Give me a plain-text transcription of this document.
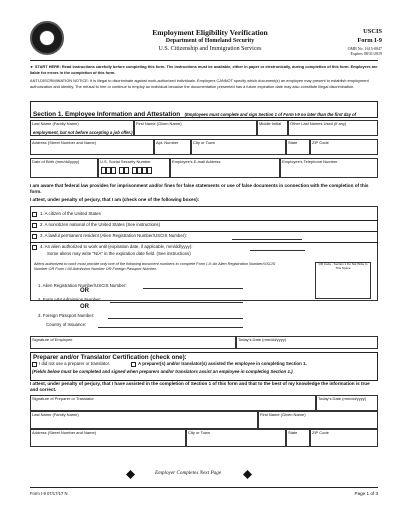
Employment Eligibility Verification
Department of Homeland Security
U.S. Citizenship and Immigration Services
USCIS
Form I-9
OMB No. 1615-0047
Expires 08/31/2019
► START HERE: Read instructions carefully before completing this form. The instructions must be available, either in paper or electronically, during completion of this form. Employers are liable for errors in the completion of this form.
ANTI-DISCRIMINATION NOTICE: It is illegal to discriminate against work-authorized individuals. Employers CANNOT specify which document(s) an employee may present to establish employment authorization and identity. The refusal to hire or continue to employ an individual because the documentation presented has a future expiration date may also constitute illegal discrimination.
Section 1. Employee Information and Attestation (Employees must complete and sign Section 1 of Form I-9 no later than the first day of employment, but not before accepting a job offer.)
Last Name (Family Name)	First Name (Given Name)	Middle Initial Other Last Names Used (if any)
Address (Street Number and Name)	Apt. Number	City or Town	State	ZIP Code
Date of Birth (mm/dd/yyyy)	U.S. Social Security Number	Employee's E-mail Address	Employee's Telephone Number
I am aware that federal law provides for imprisonment and/or fines for false statements or use of false documents in connection with the completion of this form.
I attest, under penalty of perjury, that I am (check one of the following boxes):
1. A citizen of the United States
2. A noncitizen national of the United States (See instructions)
3. A lawful permanent resident (Alien Registration Number/USCIS Number):
4. An alien authorized to work until (expiration date, if applicable, mm/dd/yyyy):
Some aliens may write "N/A" in the expiration date field. (See instructions)
Aliens authorized to work must provide only one of the following document numbers to complete Form I-9: An Alien Registration Number/USCIS Number OR Form I-94 Admission Number OR Foreign Passport Number.
QR Code - Section 1 Do Not Write In This Space
1. Alien Registration Number/USCIS Number:
OR
2. Form I-94 Admission Number:
OR
3. Foreign Passport Number:
Country of Issuance:
Signature of Employee	Today's Date (mm/dd/yyyy)
Preparer and/or Translator Certification (check one):
I did not use a preparer or translator.	A preparer(s) and/or translator(s) assisted the employee in completing Section 1.
(Fields below must be completed and signed when preparers and/or translators assist an employee in completing Section 1.)
I attest, under penalty of perjury, that I have assisted in the completion of Section 1 of this form and that to the best of my knowledge the information is true and correct.
Signature of Preparer or Translator	Today's Date (mm/dd/yyyy)
Last Name (Family Name)	First Name (Given Name)
Address (Street Number and Name)	City or Town	State	ZIP Code
Employer Completes Next Page
Form I-9 07/17/17 N	Page 1 of 3
